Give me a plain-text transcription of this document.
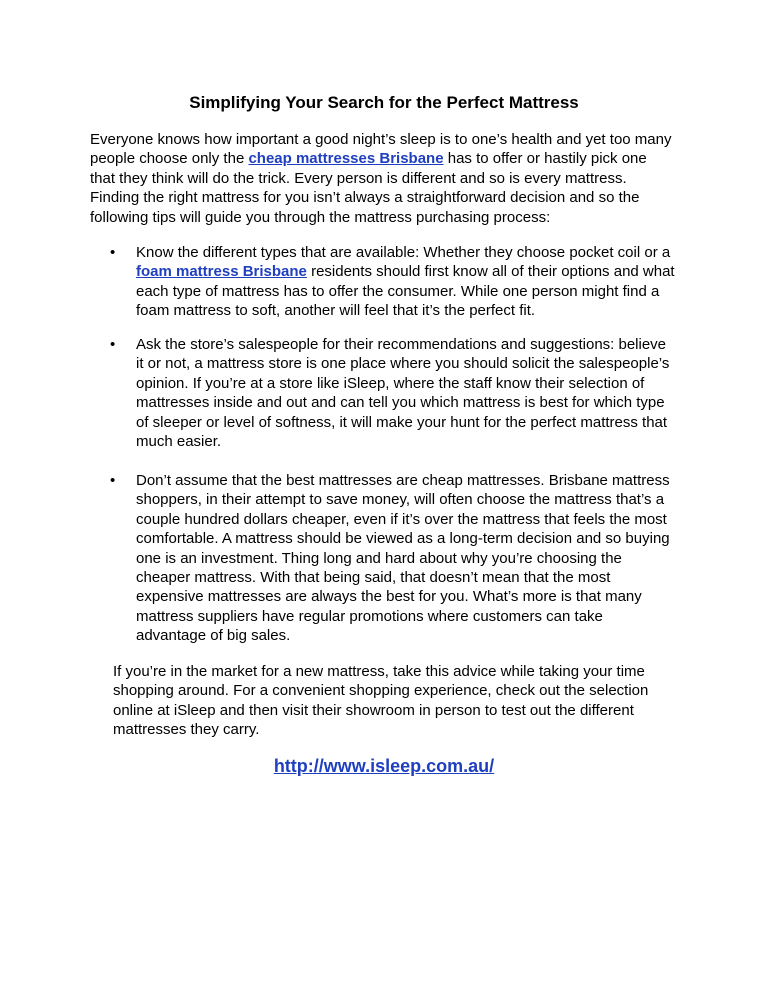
Simplifying Your Search for the Perfect Mattress
Everyone knows how important a good night’s sleep is to one’s health and yet too many
people choose only the cheap mattresses Brisbane has to offer or hastily pick one
that they think will do the trick. Every person is different and so is every mattress.
Finding the right mattress for you isn’t always a straightforward decision and so the
following tips will guide you through the mattress purchasing process:
•	Know the different types that are available: Whether they choose pocket coil or a
foam mattress Brisbane residents should first know all of their options and what
each type of mattress has to offer the consumer. While one person might find a
foam mattress to soft, another will feel that it’s the perfect fit.
•	Ask the store’s salespeople for their recommendations and suggestions: believe
it or not, a mattress store is one place where you should solicit the salespeople’s
opinion. If you’re at a store like iSleep, where the staff know their selection of
mattresses inside and out and can tell you which mattress is best for which type
of sleeper or level of softness, it will make your hunt for the perfect mattress that
much easier.
•	Don’t assume that the best mattresses are cheap mattresses. Brisbane mattress
shoppers, in their attempt to save money, will often choose the mattress that’s a
couple hundred dollars cheaper, even if it’s over the mattress that feels the most
comfortable. A mattress should be viewed as a long-term decision and so buying
one is an investment. Thing long and hard about why you’re choosing the
cheaper mattress. With that being said, that doesn’t mean that the most
expensive mattresses are always the best for you. What’s more is that many
mattress suppliers have regular promotions where customers can take
advantage of big sales.
If you’re in the market for a new mattress, take this advice while taking your time
shopping around. For a convenient shopping experience, check out the selection
online at iSleep and then visit their showroom in person to test out the different
mattresses they carry.
http://www.isleep.com.au/
